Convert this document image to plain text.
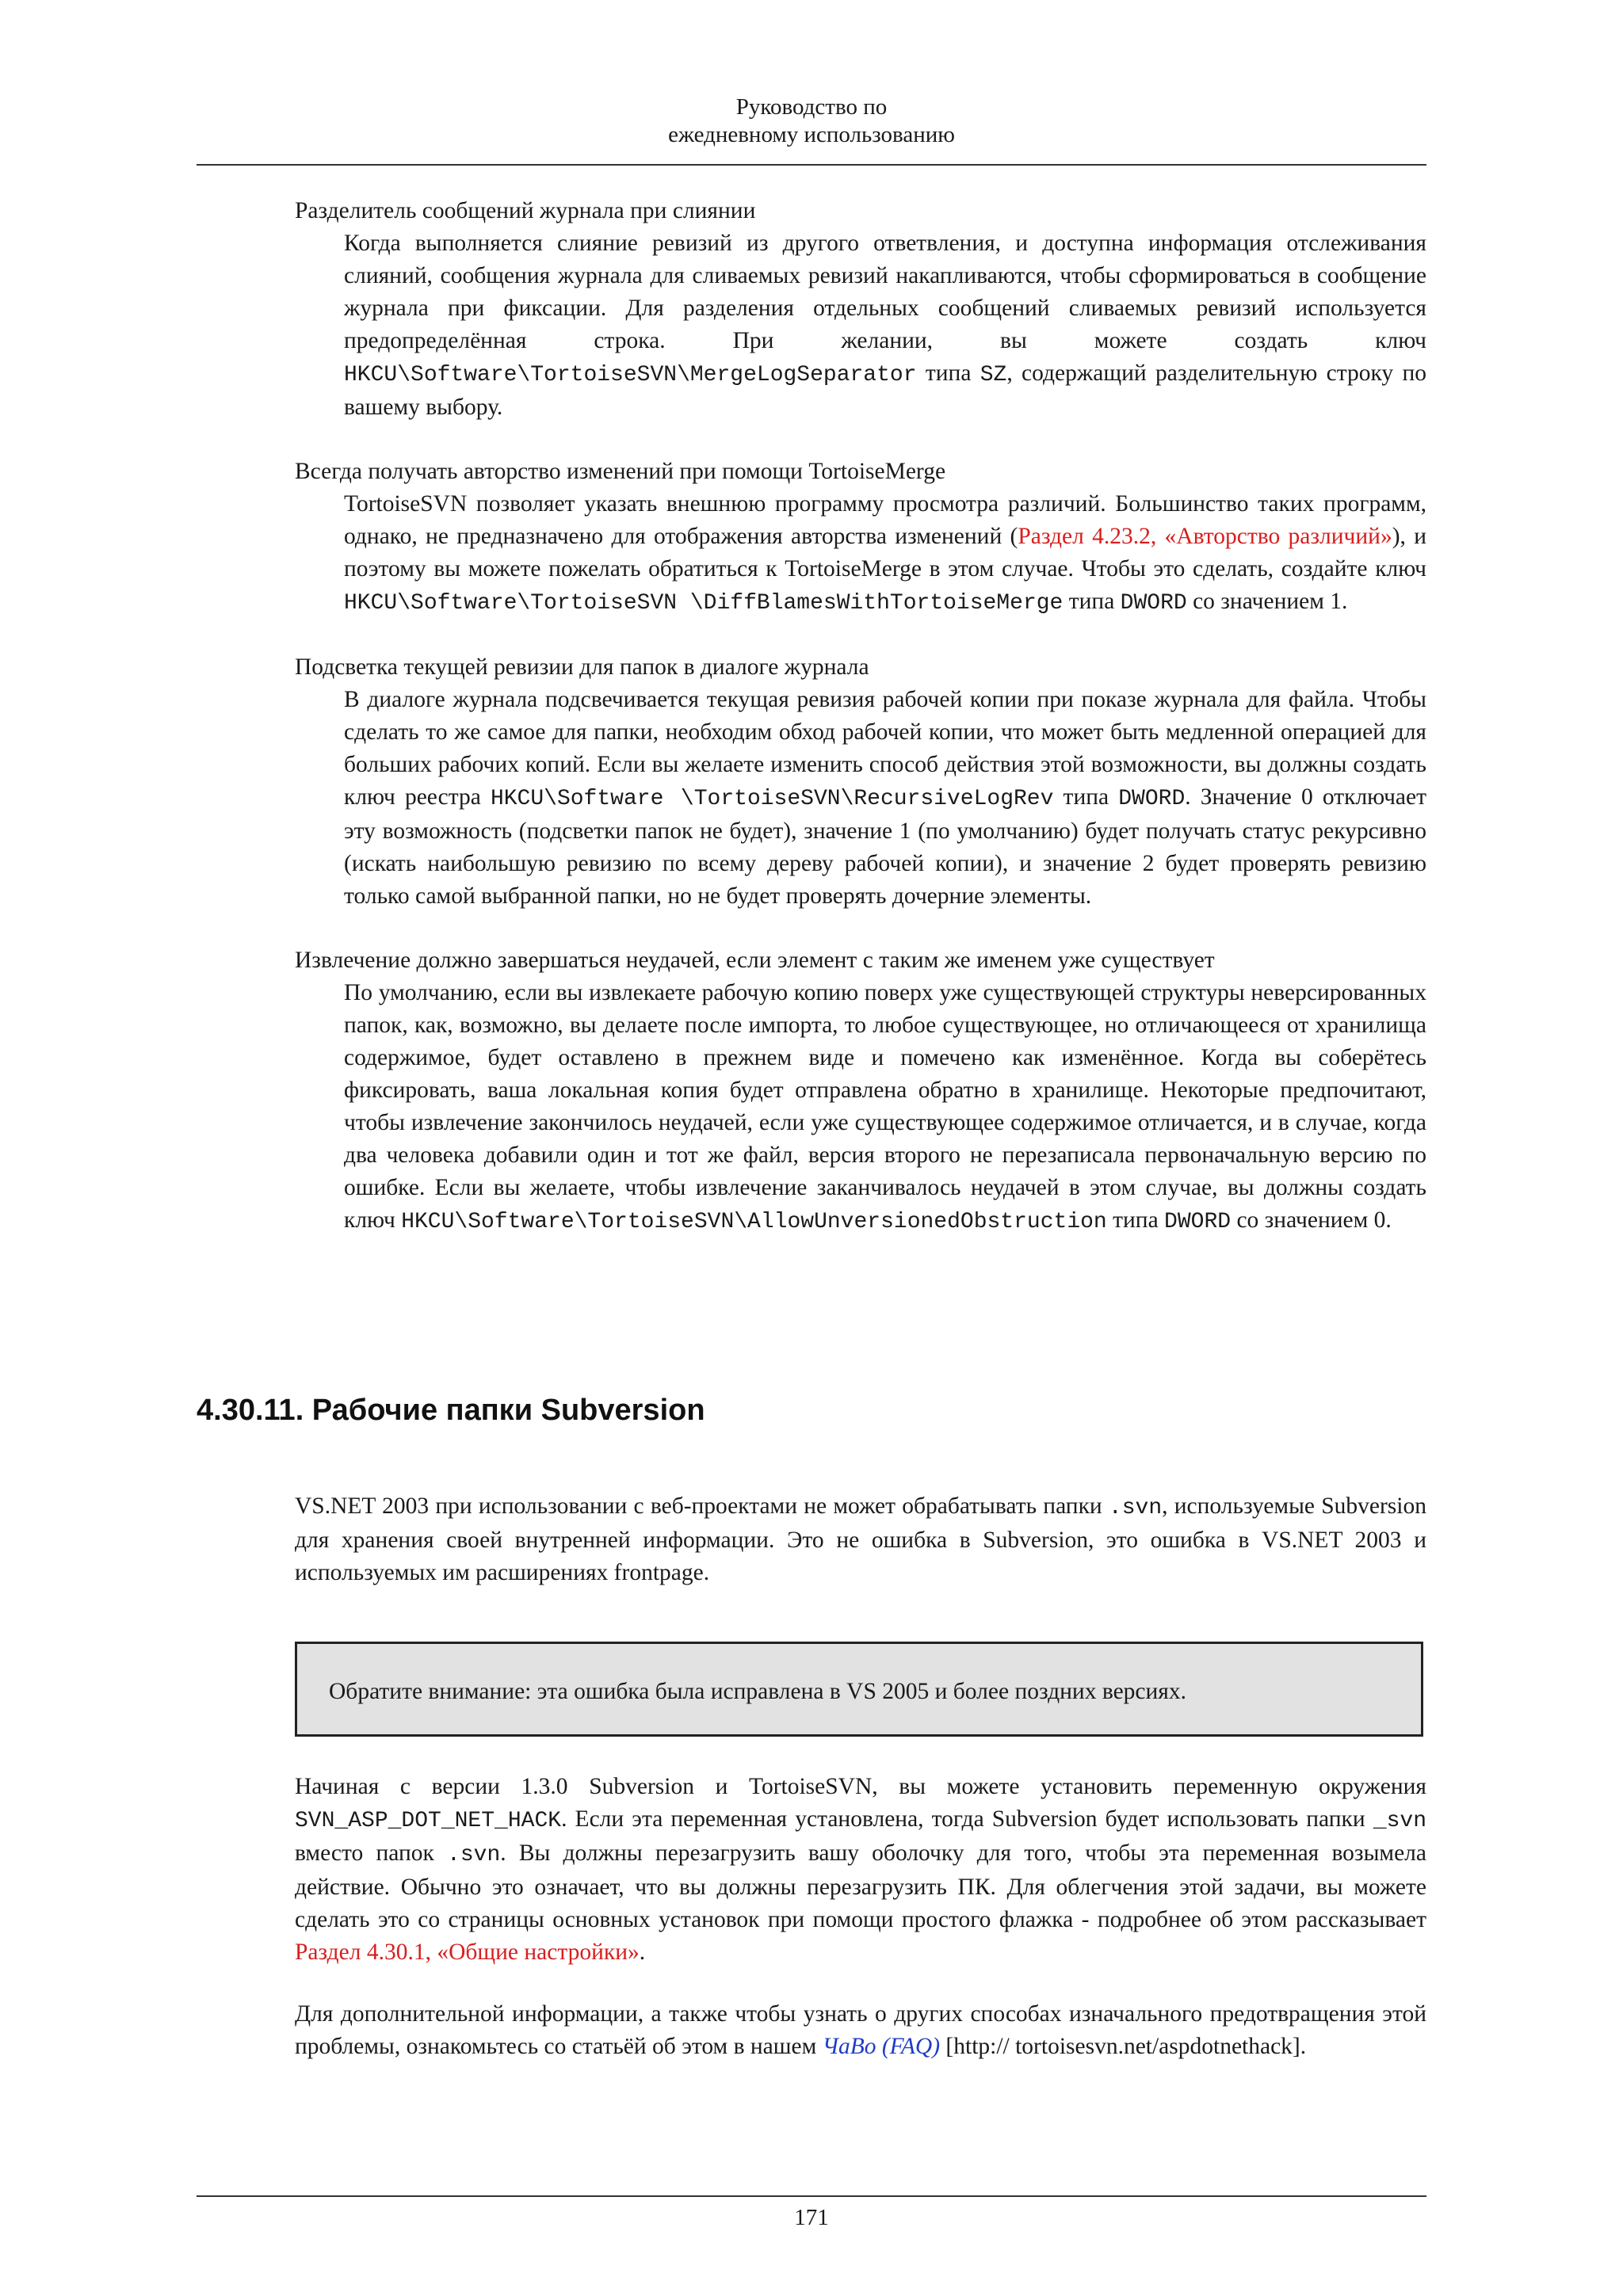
Руководство по
ежедневному использованию

Разделитель сообщений журнала при слиянии

Когда выполняется слияние ревизий из другого ответвления, и доступна информация отслеживания слияний, сообщения журнала для сливаемых ревизий накапливаются, чтобы сформироваться в сообщение журнала при фиксации. Для разделения отдельных сообщений сливаемых ревизий используется предопределённая строка. При желании, вы можете создать ключ HKCU\Software\TortoiseSVN\MergeLogSeparator типа SZ, содержащий разделительную строку по вашему выбору.

Всегда получать авторство изменений при помощи TortoiseMerge

TortoiseSVN позволяет указать внешнюю программу просмотра различий. Большинство таких программ, однако, не предназначено для отображения авторства изменений (Раздел 4.23.2, «Авторство различий»), и поэтому вы можете пожелать обратиться к TortoiseMerge в этом случае. Чтобы это сделать, создайте ключ HKCU\Software\TortoiseSVN \DiffBlamesWithTortoiseMerge типа DWORD со значением 1.

Подсветка текущей ревизии для папок в диалоге журнала

В диалоге журнала подсвечивается текущая ревизия рабочей копии при показе журнала для файла. Чтобы сделать то же самое для папки, необходим обход рабочей копии, что может быть медленной операцией для больших рабочих копий. Если вы желаете изменить способ действия этой возможности, вы должны создать ключ реестра HKCU\Software \TortoiseSVN\RecursiveLogRev типа DWORD. Значение 0 отключает эту возможность (подсветки папок не будет), значение 1 (по умолчанию) будет получать статус рекурсивно (искать наибольшую ревизию по всему дереву рабочей копии), и значение 2 будет проверять ревизию только самой выбранной папки, но не будет проверять дочерние элементы.

Извлечение должно завершаться неудачей, если элемент с таким же именем уже существует

По умолчанию, если вы извлекаете рабочую копию поверх уже существующей структуры неверсированных папок, как, возможно, вы делаете после импорта, то любое существующее, но отличающееся от хранилища содержимое, будет оставлено в прежнем виде и помечено как изменённое. Когда вы соберётесь фиксировать, ваша локальная копия будет отправлена обратно в хранилище. Некоторые предпочитают, чтобы извлечение закончилось неудачей, если уже существующее содержимое отличается, и в случае, когда два человека добавили один и тот же файл, версия второго не перезаписала первоначальную версию по ошибке. Если вы желаете, чтобы извлечение заканчивалось неудачей в этом случае, вы должны создать ключ HKCU\Software\TortoiseSVN\AllowUnversionedObstruction типа DWORD со значением 0.

4.30.11. Рабочие папки Subversion

VS.NET 2003 при использовании с веб-проектами не может обрабатывать папки .svn, используемые Subversion для хранения своей внутренней информации. Это не ошибка в Subversion, это ошибка в VS.NET 2003 и используемых им расширениях frontpage.

Обратите внимание: эта ошибка была исправлена в VS 2005 и более поздних версиях.

Начиная с версии 1.3.0 Subversion и TortoiseSVN, вы можете установить переменную окружения SVN_ASP_DOT_NET_HACK. Если эта переменная установлена, тогда Subversion будет использовать папки _svn вместо папок .svn. Вы должны перезагрузить вашу оболочку для того, чтобы эта переменная возымела действие. Обычно это означает, что вы должны перезагрузить ПК. Для облегчения этой задачи, вы можете сделать это со страницы основных установок при помощи простого флажка - подробнее об этом рассказывает Раздел 4.30.1, «Общие настройки».

Для дополнительной информации, а также чтобы узнать о других способах изначального предотвращения этой проблемы, ознакомьтесь со статьёй об этом в нашем ЧаВо (FAQ) [http:// tortoisesvn.net/aspdotnethack].

171
